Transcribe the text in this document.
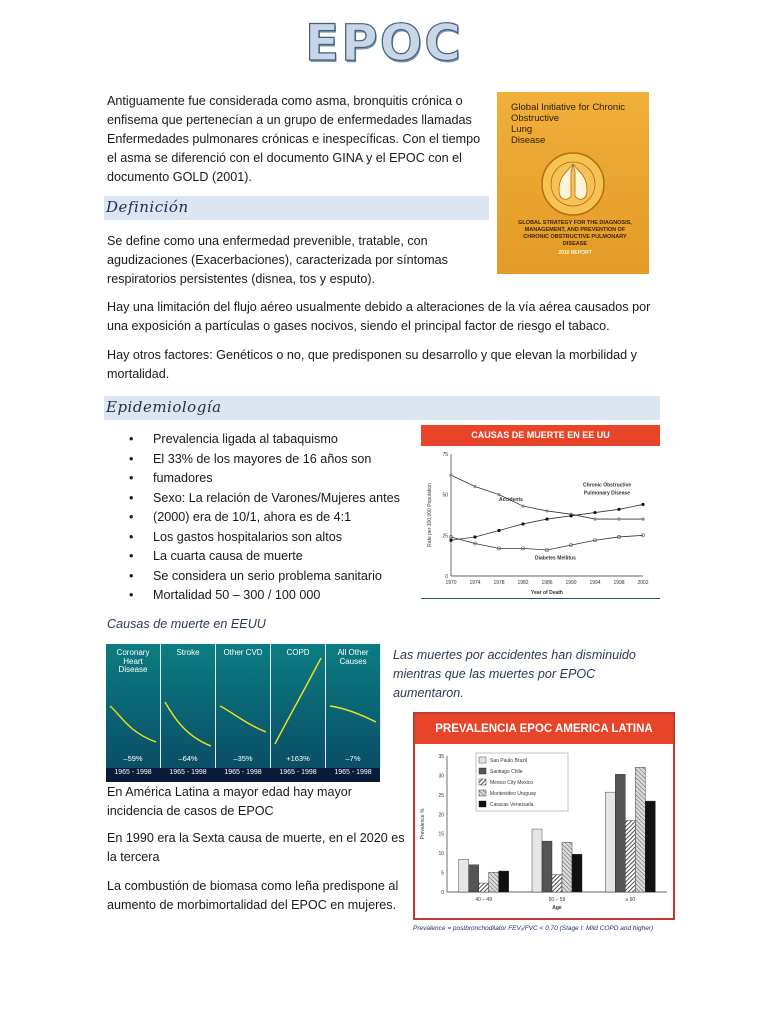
EPOC
Antiguamente fue considerada como asma, bronquitis crónica o
enfisema que pertenecían a un grupo de enfermedades llamadas
Enfermedades pulmonares crónicas e inespecíficas. Con el tiempo
el asma se diferenció con el documento GINA y el EPOC con el
documento GOLD (2001).
Global Initiative for Chronic
Obstructive
Lung
Disease
GLOBAL STRATEGY FOR THE DIAGNOSIS, MANAGEMENT, AND PREVENTION OF CHRONIC OBSTRUCTIVE PULMONARY DISEASE
2010 REPORT
Definición
Se define como una enfermedad prevenible, tratable, con
agudizaciones (Exacerbaciones), caracterizada por síntomas
respiratorios persistentes (disnea, tos y esputo).
Hay una limitación del flujo aéreo usualmente debido a alteraciones de la vía aérea causados por
una exposición a partículas o gases nocivos, siendo el principal factor de riesgo el tabaco.
Hay otros factores: Genéticos o no, que predisponen su desarrollo y que elevan la morbilidad y
mortalidad.
Epidemiología
• Prevalencia ligada al tabaquismo
• El 33% de los mayores de 16 años son
• fumadores
• Sexo: La relación de Varones/Mujeres antes
• (2000) era de 10/1, ahora es de 4:1
• Los gastos hospitalarios son altos
• La cuarta causa de muerte
• Se considera un serio problema sanitario
• Mortalidad 50 – 300 / 100 000
CAUSAS DE MUERTE EN EE UU
0
25
50
75
1970	1974	1978	1982	1986	1990	1994	1998	2002
Year of Death
Rate per 100,000 Population	Accidents
Chronic Obstructive
Pulmonary Disease
Diabetes Mellitus
Causas de muerte en EEUU
Coronary Heart Disease
–59%
1965 - 1998
Stroke
–64%
1965 - 1998
Other CVD
–35%
1965 - 1998
COPD
+163%
1965 - 1998
All Other Causes
–7%
1965 - 1998
Las muertes por accidentes han disminuido
mientras que las muertes por EPOC
aumentaron.
En América Latina a mayor edad hay mayor
incidencia de casos de EPOC
En 1990 era la Sexta causa de muerte, en el 2020 es
la tercera
La combustión de biomasa como leña predispone al
aumento de morbimortalidad del EPOC en mujeres.
PREVALENCIA EPOC AMERICA LATINA
0
5
10
15
20
25
30
35
Prevalence %
40 – 49	50 – 59	≥ 60
Age
Sao Paulo Brazil
Santiago Chile
Mexico City Mexico
Montevideo Uruguay
Caracas Venezuela
Prevalence = postbronchodilator FEV₁/FVC < 0.70 (Stage I: Mild COPD and higher)
